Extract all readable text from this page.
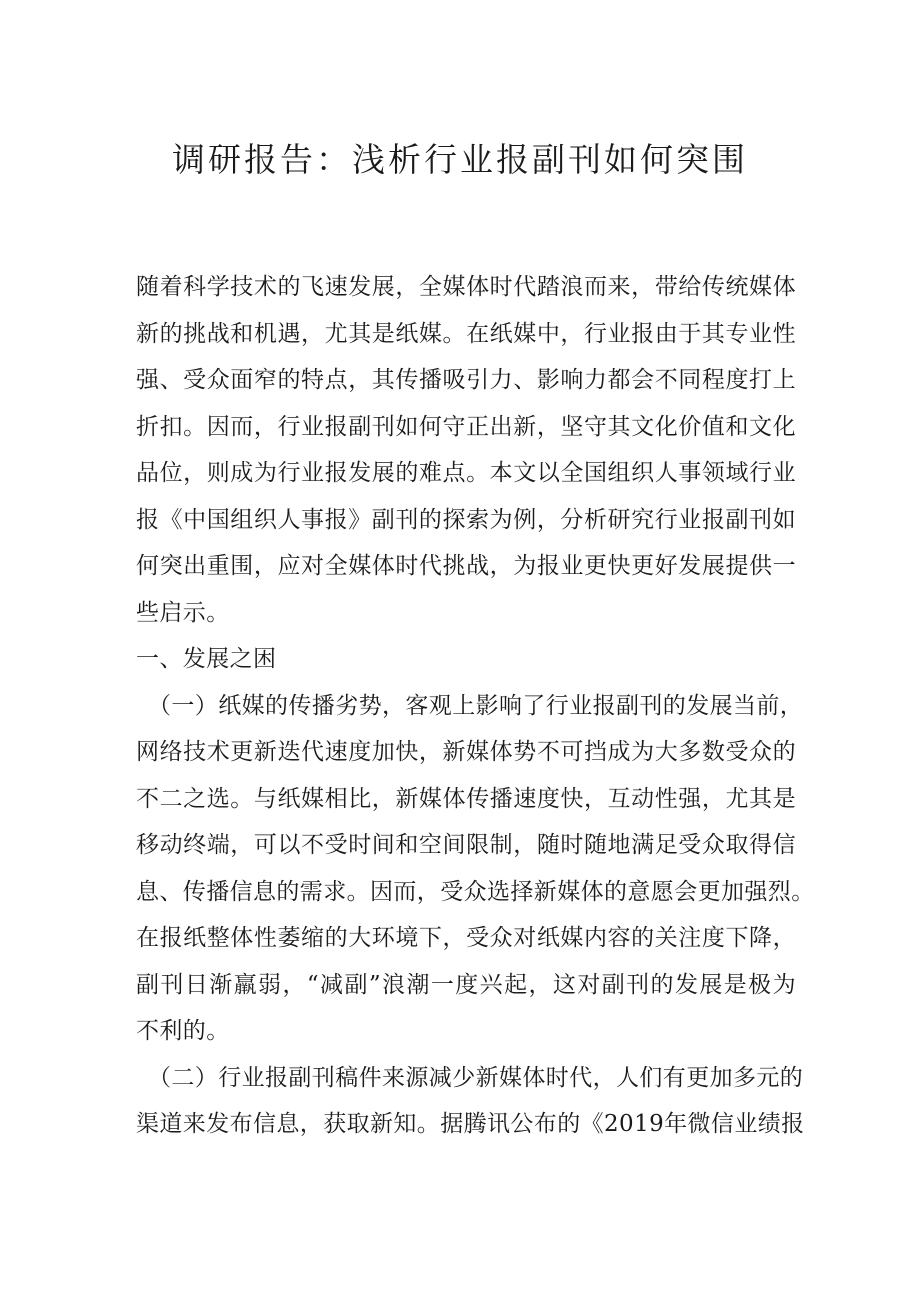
调研报告：浅析行业报副刊如何突围
随着科学技术的飞速发展，全媒体时代踏浪而来，带给传统媒体
新的挑战和机遇，尤其是纸媒。在纸媒中，行业报由于其专业性
强、受众面窄的特点，其传播吸引力、影响力都会不同程度打上
折扣。因而，行业报副刊如何守正出新，坚守其文化价值和文化
品位，则成为行业报发展的难点。本文以全国组织人事领域行业
报《中国组织人事报》副刊的探索为例，分析研究行业报副刊如
何突出重围，应对全媒体时代挑战，为报业更快更好发展提供一
些启示。
一、发展之困
（一）纸媒的传播劣势，客观上影响了行业报副刊的发展当前，
网络技术更新迭代速度加快，新媒体势不可挡成为大多数受众的
不二之选。与纸媒相比，新媒体传播速度快，互动性强，尤其是
移动终端，可以不受时间和空间限制，随时随地满足受众取得信
息、传播信息的需求。因而，受众选择新媒体的意愿会更加强烈。
在报纸整体性萎缩的大环境下，受众对纸媒内容的关注度下降，
副刊日渐羸弱，“减副”浪潮一度兴起，这对副刊的发展是极为
不利的。
（二）行业报副刊稿件来源减少新媒体时代，人们有更加多元的
渠道来发布信息，获取新知。据腾讯公布的《2019年微信业绩报
